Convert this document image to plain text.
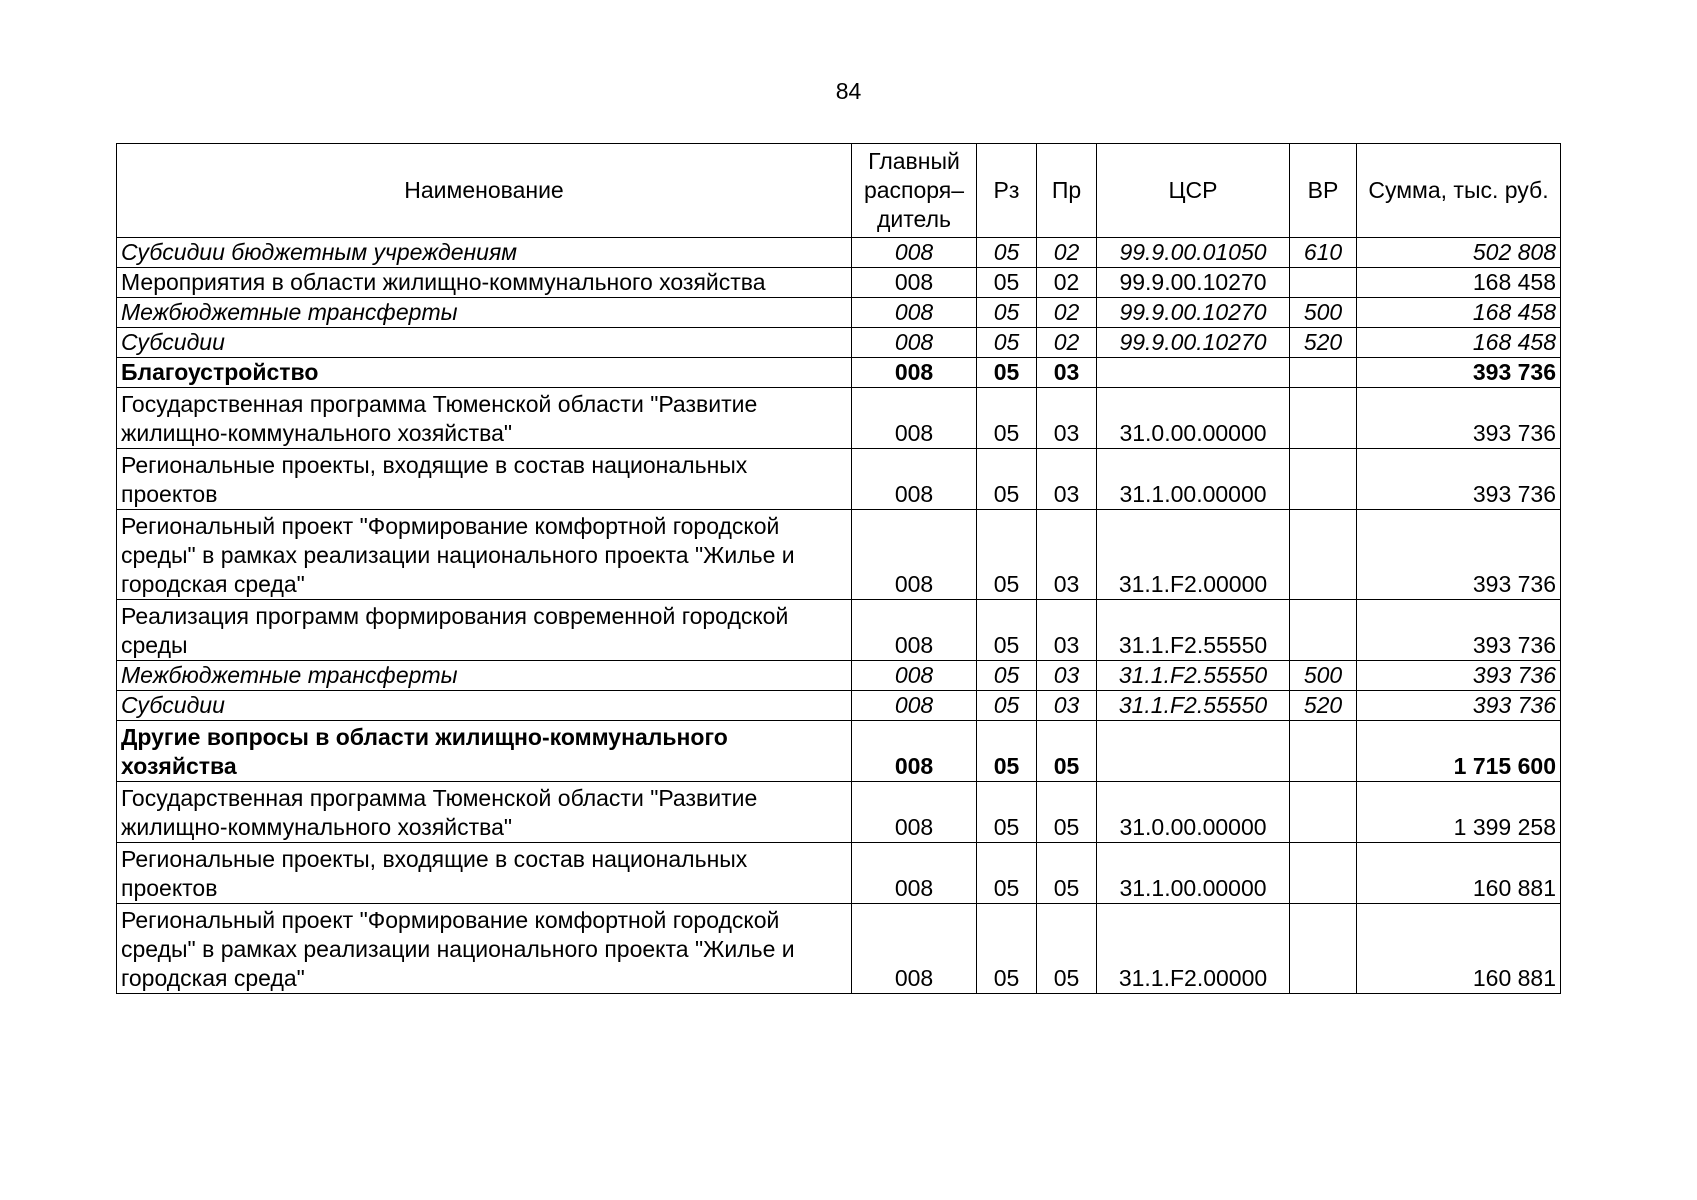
84
Наименование	Главный распоря– дитель	Рз	Пр	ЦСР	ВР	Сумма, тыс. руб.
Субсидии бюджетным учреждениям	008	05	02	99.9.00.01050	610	502 808
Мероприятия в области жилищно-коммунального хозяйства	008	05	02	99.9.00.10270		168 458
Межбюджетные трансферты	008	05	02	99.9.00.10270	500	168 458
Субсидии	008	05	02	99.9.00.10270	520	168 458
Благоустройство	008	05	03			393 736
Государственная программа Тюменской области "Развитие жилищно-коммунального хозяйства"	008	05	03	31.0.00.00000		393 736
Региональные проекты, входящие в состав национальных проектов	008	05	03	31.1.00.00000		393 736
Региональный проект "Формирование комфортной городской среды" в рамках реализации национального проекта "Жилье и городская среда"	008	05	03	31.1.F2.00000		393 736
Реализация программ формирования современной городской среды	008	05	03	31.1.F2.55550		393 736
Межбюджетные трансферты	008	05	03	31.1.F2.55550	500	393 736
Субсидии	008	05	03	31.1.F2.55550	520	393 736
Другие вопросы в области жилищно-коммунального хозяйства	008	05	05			1 715 600
Государственная программа Тюменской области "Развитие жилищно-коммунального хозяйства"	008	05	05	31.0.00.00000		1 399 258
Региональные проекты, входящие в состав национальных проектов	008	05	05	31.1.00.00000		160 881
Региональный проект "Формирование комфортной городской среды" в рамках реализации национального проекта "Жилье и городская среда"	008	05	05	31.1.F2.00000		160 881
